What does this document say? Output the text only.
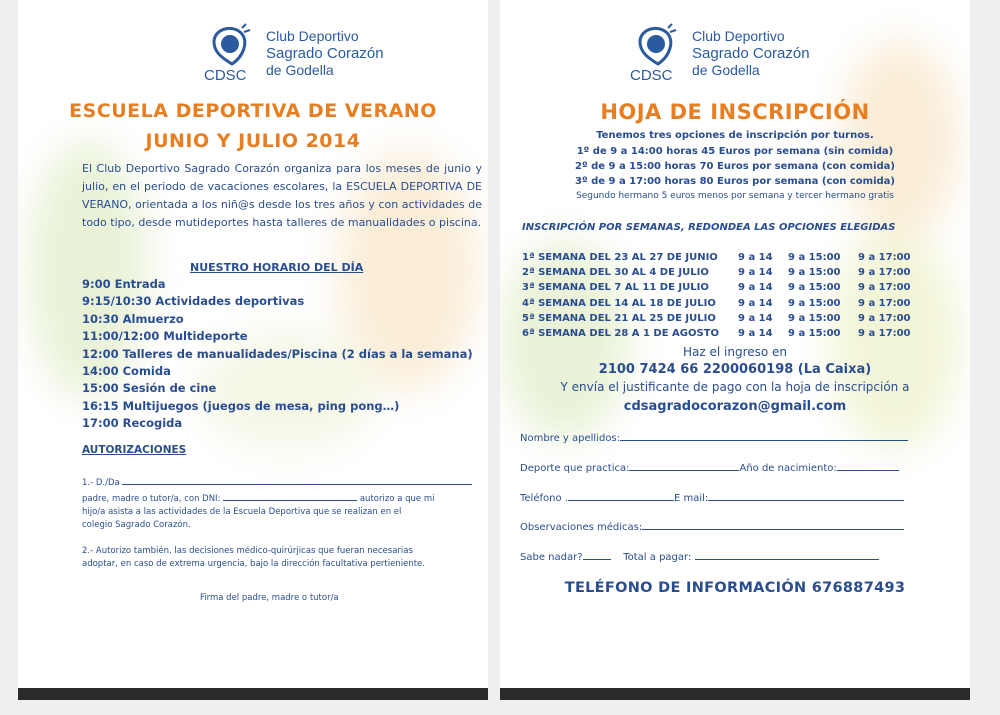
CDSC
Club Deportivo
Sagrado Corazón
de Godella
ESCUELA DEPORTIVA DE VERANO
JUNIO Y JULIO 2014
El Club Deportivo Sagrado Corazón organiza para los meses de junio y julio, en el periodo de vacaciones escolares, la ESCUELA DEPORTIVA DE VERANO, orientada a los niñ@s desde los tres años y con actividades de todo tipo, desde mutideportes hasta talleres de manualidades o piscina.
NUESTRO HORARIO DEL DÍA
9:00 Entrada
9:15/10:30 Actividades deportivas
10:30 Almuerzo
11:00/12:00 Multideporte
12:00 Talleres de manualidades/Piscina (2 días a la semana)
14:00 Comida
15:00 Sesión de cine
16:15 Multijuegos (juegos de mesa, ping pong…)
17:00 Recogida
AUTORIZACIONES
1.- D./Da
padre, madre o tutor/a, con DNI:	autorizo a que mi
hijo/a asista a las actividades de la Escuela Deportiva que se realizan en el
colegio Sagrado Corazón.
2.- Autorizo también, las decisiones médico-quirúrjicas que fueran necesarias
adoptar, en caso de extrema urgencia, bajo la dirección facultativa pertieniente.
Firma del padre, madre o tutor/a
CDSC
Club Deportivo
Sagrado Corazón
de Godella
HOJA DE INSCRIPCIÓN
Tenemos tres opciones de inscripción por turnos.
1º de 9 a 14:00 horas 45 Euros por semana (sin comida)
2º de 9 a 15:00 horas 70 Euros por semana (con comida)
3º de 9 a 17:00 horas 80 Euros por semana (con comida)
Segundo hermano 5 euros menos por semana y tercer hermano gratis
INSCRIPCIÓN POR SEMANAS, REDONDEA LAS OPCIONES ELEGIDAS
1ª SEMANA DEL 23 AL 27 DE JUNIO 9 a 14 9 a 15:00 9 a 17:00
2ª SEMANA DEL 30 AL 4 DE JULIO	9 a 14 9 a 15:00 9 a 17:00
3ª SEMANA DEL 7 AL 11 DE JULIO	9 a 14 9 a 15:00 9 a 17:00
4ª SEMANA DEL 14 AL 18 DE JULIO 9 a 14 9 a 15:00 9 a 17:00
5ª SEMANA DEL 21 AL 25 DE JULIO 9 a 14 9 a 15:00 9 a 17:00
6ª SEMANA DEL 28 A 1 DE AGOSTO 9 a 14 9 a 15:00 9 a 17:00
Haz el ingreso en
2100 7424 66 2200060198 (La Caixa)
Y envía el justificante de pago con la hoja de inscripción a
cdsagradocorazon@gmail.com
Nombre y apellidos:
Deporte que practica:	Año de nacimiento:
Teléfono .	E mail:
Observaciones médicas:
Sabe nadar?	Total a pagar:
TELÉFONO DE INFORMACIÓN 676887493
